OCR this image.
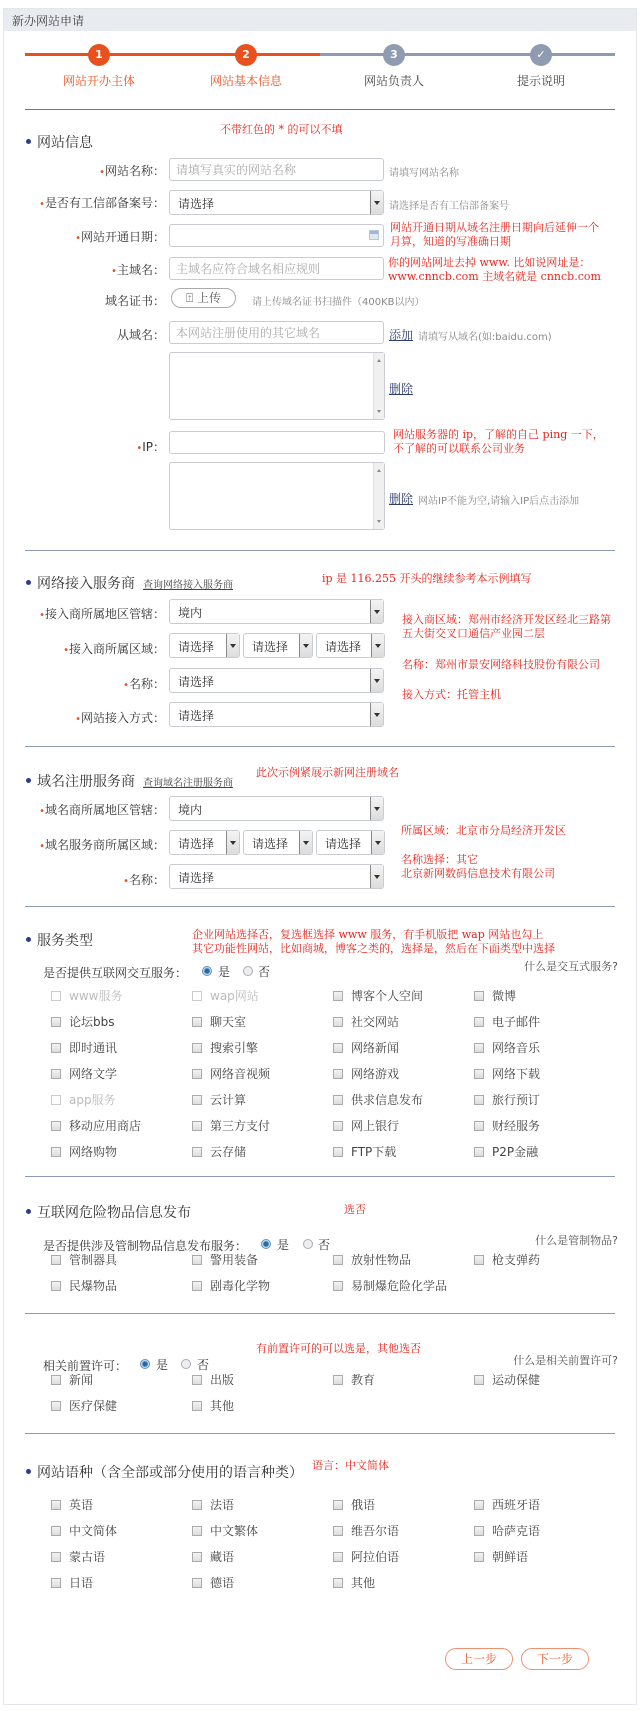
新办网站申请
1	2	3	✓
网站开办主体	网站基本信息	网站负责人	提示说明
网站信息
不带红色的 * 的可以不填
•网站名称： 请填写真实的网站名称	请填写网站名称
•是否有工信部备案号：	请选择	请选择是否有工信部备案号
•网站开通日期：
网站开通日期从域名注册日期向后延伸一个
月算，知道的写准确日期
•主域名： 主域名应符合域名相应规则	你的网站网址去掉 www. 比如说网址是：
www.cnncb.com 主域名就是 cnncb.com
域名证书：	⍐ 上传	请上传域名证书扫描件（400KB以内）
从域名： 本网站注册使用的其它域名	添加 请填写从域名(如:baidu.com)
删除
•IP：
网站服务器的 ip，了解的自己 ping 一下，
不了解的可以联系公司业务
删除 网站IP不能为空,请输入IP后点击添加
网络接入服务商 查询网络接入服务商
ip 是 116.255 开头的继续参考本示例填写
•接入商所属地区管辖：	境内
•接入商所属区域：	请选择	请选择	请选择
•名称：	请选择
•网站接入方式：	请选择
接入商区域：郑州市经济开发区经北三路第
五大街交叉口通信产业园二层
名称：郑州市景安网络科技股份有限公司
接入方式：托管主机
域名注册服务商 查询域名注册服务商
此次示例紧展示新网注册域名
•域名商所属地区管辖：	境内
•域名服务商所属区域：	请选择	请选择	请选择
•名称：	请选择
所属区域：北京市分局经济开发区
名称选择：其它
北京新网数码信息技术有限公司
服务类型	企业网站选择否，复选框选择 www 服务，有手机版把 wap 网站也勾上
其它功能性网站，比如商城，博客之类的，选择是，然后在下面类型中选择
是否提供互联网交互服务：	是 否	什么是交互式服务?
www服务	wap网站	博客个人空间	微博
论坛bbs	聊天室	社交网站	电子邮件
即时通讯	搜索引擎	网络新闻	网络音乐
网络文学	网络音视频	网络游戏	网络下载
app服务	云计算	供求信息发布	旅行预订
移动应用商店	第三方支付	网上银行	财经服务
网络购物	云存储	FTP下载	P2P金融
互联网危险物品信息发布	选否
是否提供涉及管制物品信息发布服务： 是 否	什么是管制物品?
管制器具	警用装备	放射性物品	枪支弹药
民爆物品	剧毒化学物	易制爆危险化学品
有前置许可的可以选是，其他选否
相关前置许可： 是 否	什么是相关前置许可?
新闻	出版	教育	运动保健
医疗保健	其他
网站语种（含全部或部分使用的语言种类） 语言：中文简体
英语	法语	俄语	西班牙语
中文简体	中文繁体	维吾尔语	哈萨克语
蒙古语	藏语	阿拉伯语	朝鲜语
日语	德语	其他
上一步	下一步
